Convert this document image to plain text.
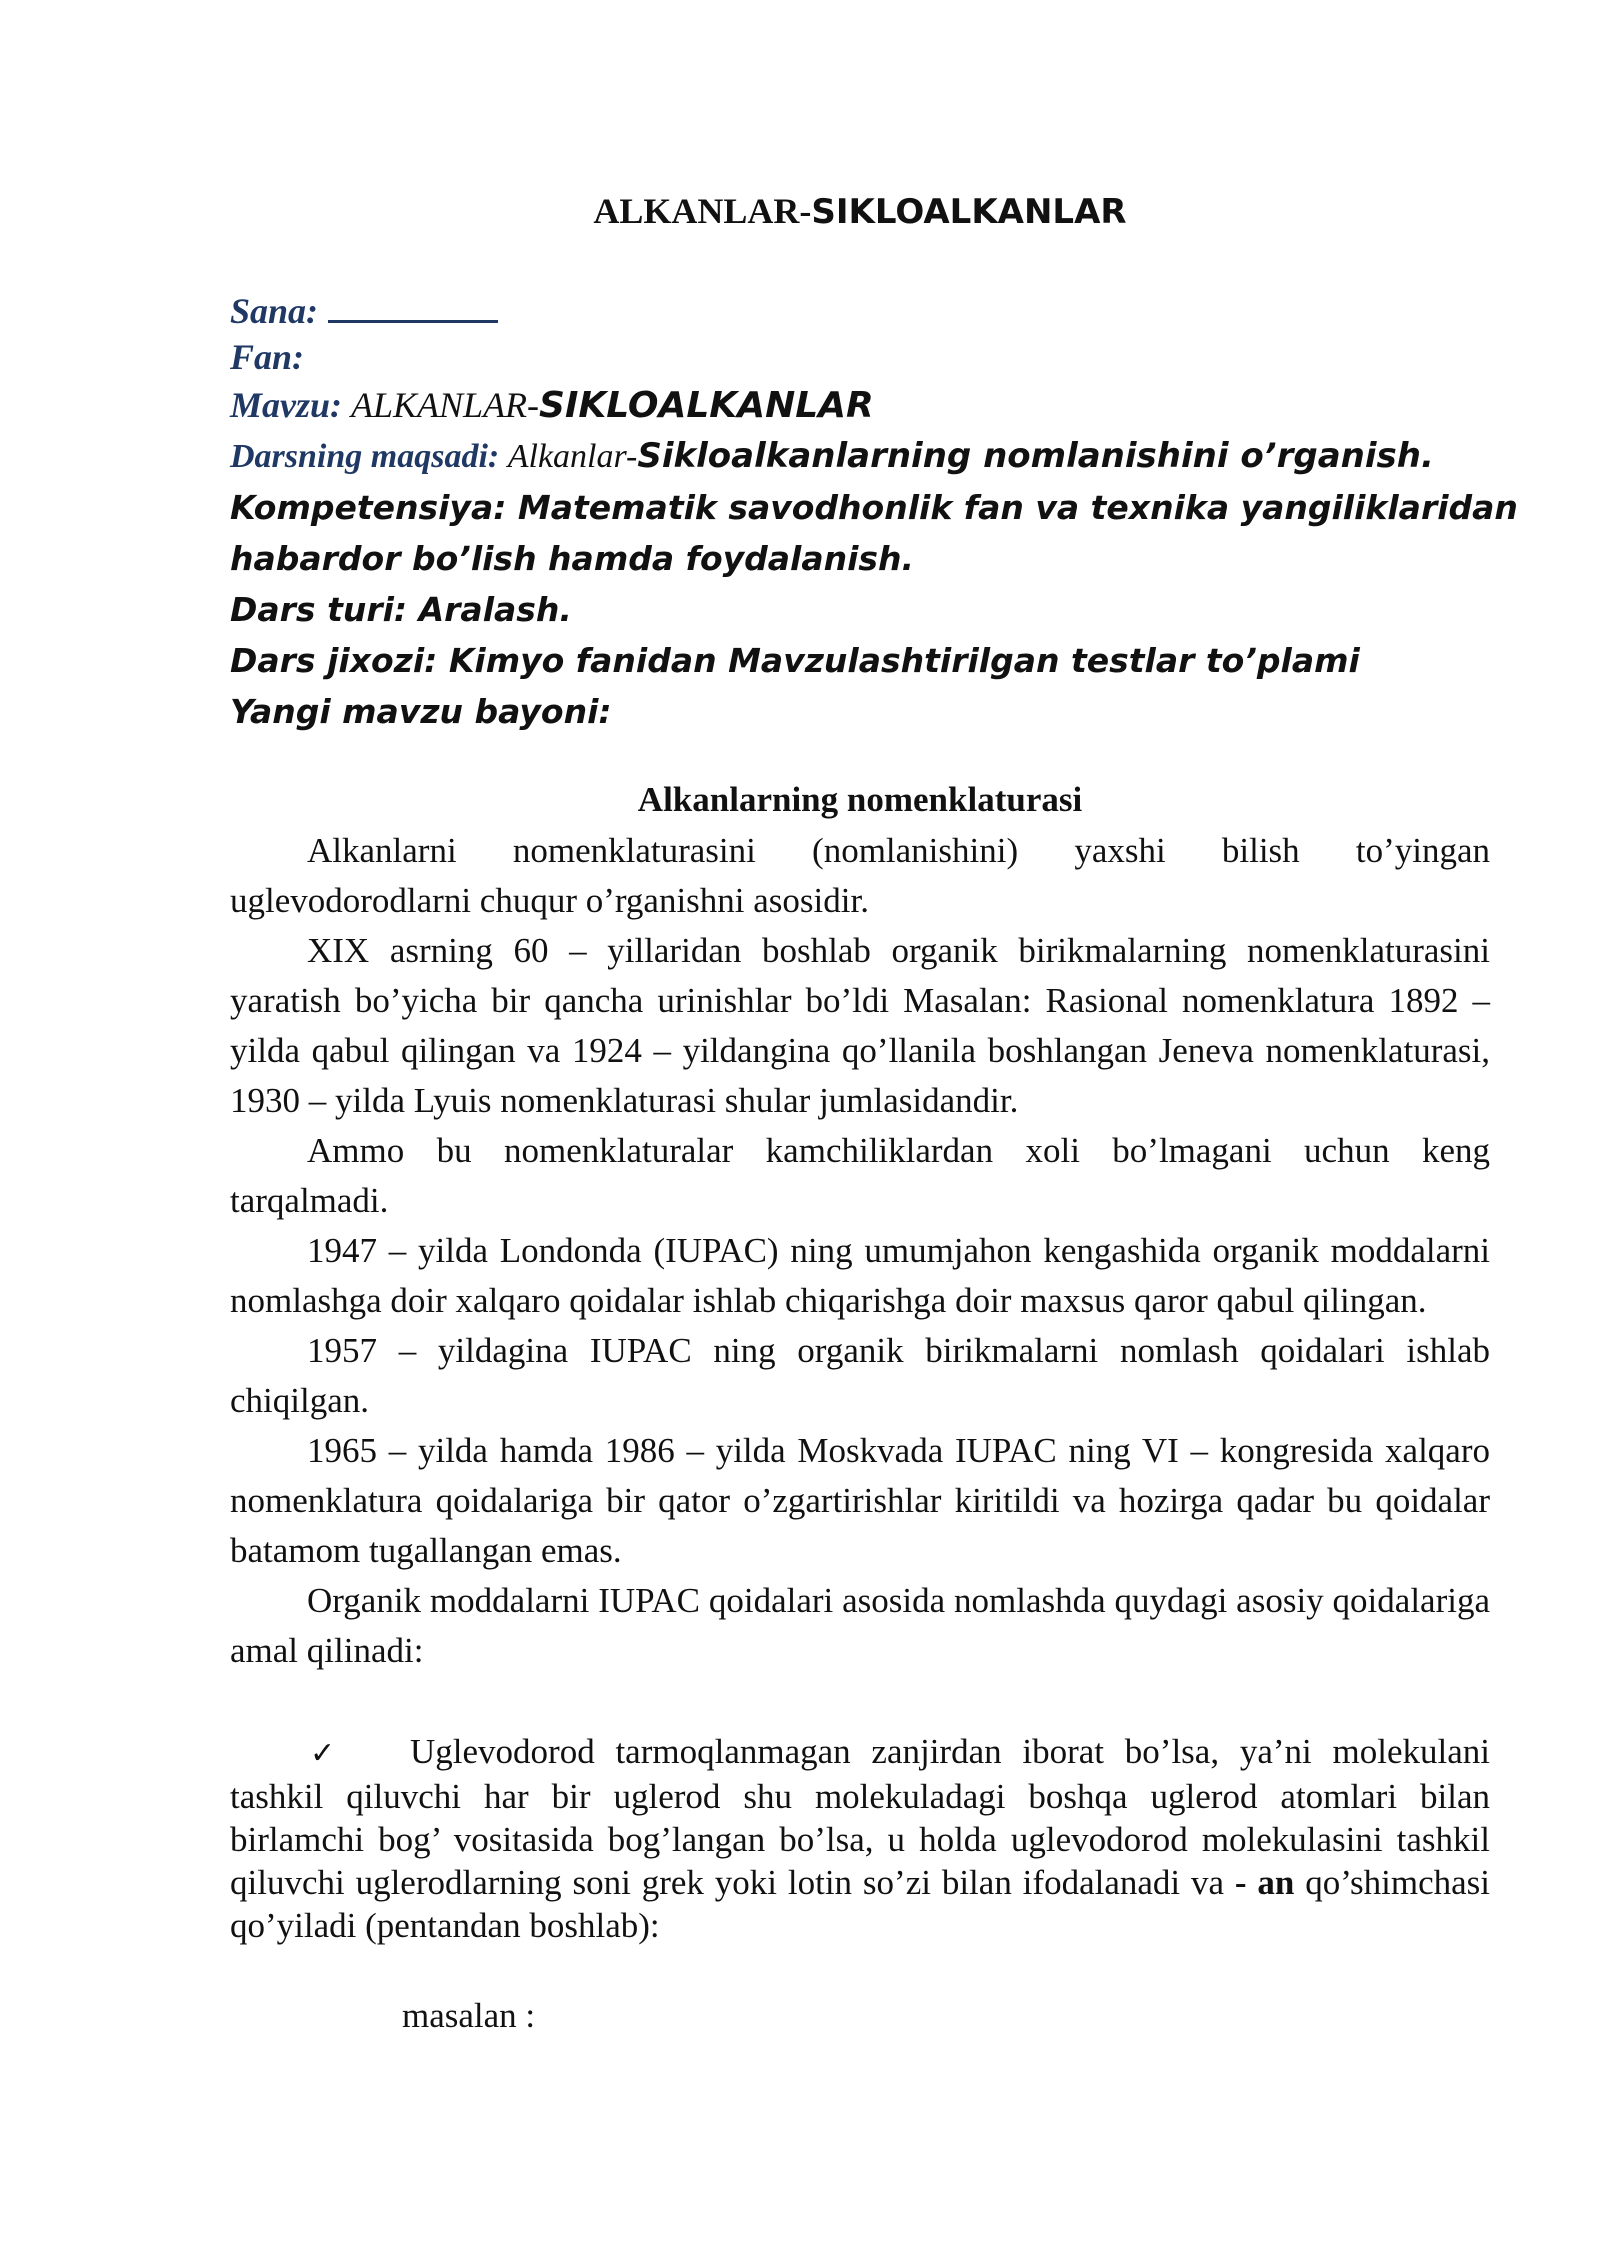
ALKANLAR-SIKLOALKANLAR

Sana:

Fan:

Mavzu: ALKANLAR-SIKLOALKANLAR

Darsning maqsadi: Alkanlar-Sikloalkanlarning nomlanishini o’rganish.

Kompetensiya: Matematik savodhonlik fan va texnika yangiliklaridan
habardor bo’lish hamda foydalanish.
Dars turi: Aralash.
Dars jixozi: Kimyo fanidan Mavzulashtirilgan testlar to’plami
Yangi mavzu bayoni:
Alkanlarning nomenklaturasi

Alkanlarni nomenklaturasini (nomlanishini) yaxshi bilish to’yingan uglevodorodlarni chuqur o’rganishni asosidir.

XIX asrning 60 – yillaridan boshlab organik birikmalarning nomenklaturasini yaratish bo’yicha bir qancha urinishlar bo’ldi Masalan: Rasional nomenklatura 1892 – yilda qabul qilingan va 1924 – yildangina qo’llanila boshlangan Jeneva nomenklaturasi, 1930 – yilda Lyuis nomenklaturasi shular jumlasidandir.

Ammo bu nomenklaturalar kamchiliklardan xoli bo’lmagani uchun keng tarqalmadi.

1947 – yilda Londonda (IUPAC) ning umumjahon kengashida organik moddalarni nomlashga doir xalqaro qoidalar ishlab chiqarishga doir maxsus qaror qabul qilingan.

1957 – yildagina IUPAC ning organik birikmalarni nomlash qoidalari ishlab chiqilgan.

1965 – yilda hamda 1986 – yilda Moskvada IUPAC ning VI – kongresida xalqaro nomenklatura qoidalariga bir qator o’zgartirishlar kiritildi va hozirga qadar bu qoidalar batamom tugallangan emas.

Organik moddalarni IUPAC qoidalari asosida nomlashda quydagi asosiy qoidalariga amal qilinadi:

✓ Uglevodorod tarmoqlanmagan zanjirdan iborat bo’lsa, ya’ni molekulani tashkil qiluvchi har bir uglerod shu molekuladagi boshqa uglerod atomlari bilan birlamchi bog’ vositasida bog’langan bo’lsa, u holda uglevodorod molekulasini tashkil qiluvchi uglerodlarning soni grek yoki lotin so’zi bilan ifodalanadi va - an qo’shimchasi qo’yiladi (pentandan boshlab):

masalan :
